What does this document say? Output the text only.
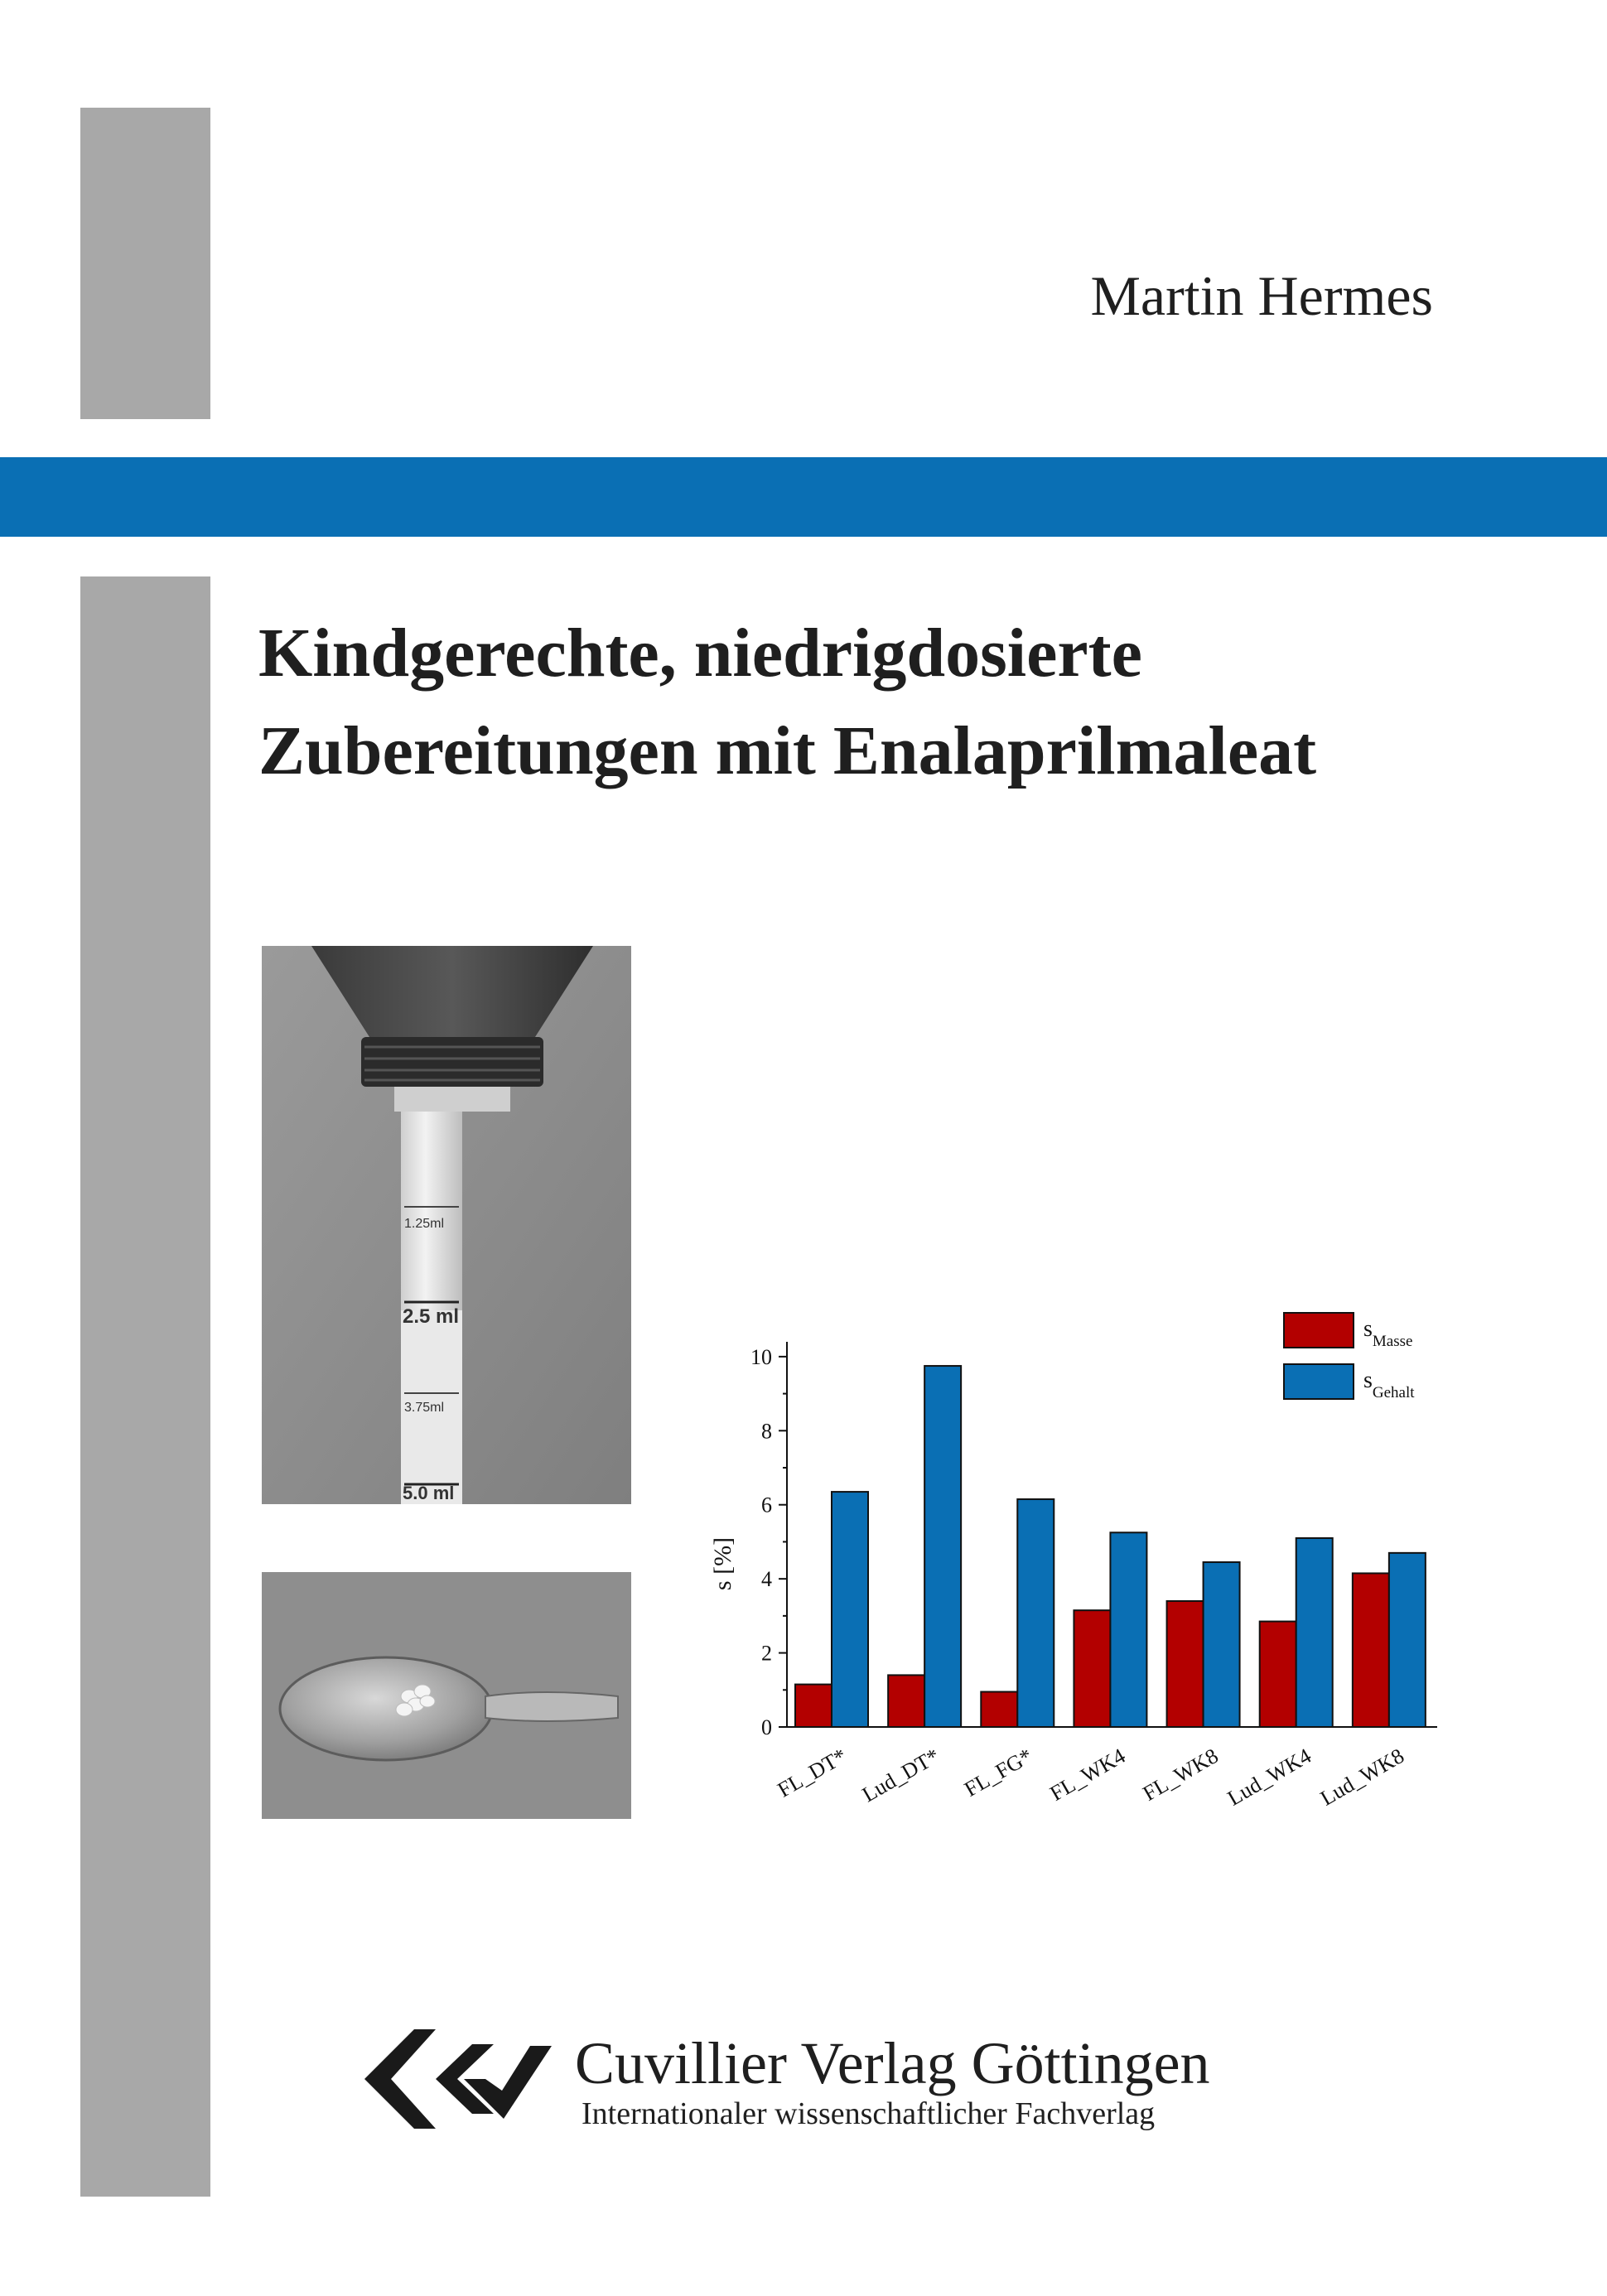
Martin Hermes
Kindgerechte, niedrigdosierte
Zubereitungen mit Enalaprilmaleat
1.25ml
2.5 ml
3.75ml
5.0 ml
0
2
4
6
8
10
FL_DT* Lud_DT* FL_FG* FL_WK4 FL_WK8 Lud_WK4 Lud_WK8
s [%]
$s_{Masse}$
$s_{Gehalt}$
Cuvillier Verlag Göttingen
Internationaler wissenschaftlicher Fachverlag
